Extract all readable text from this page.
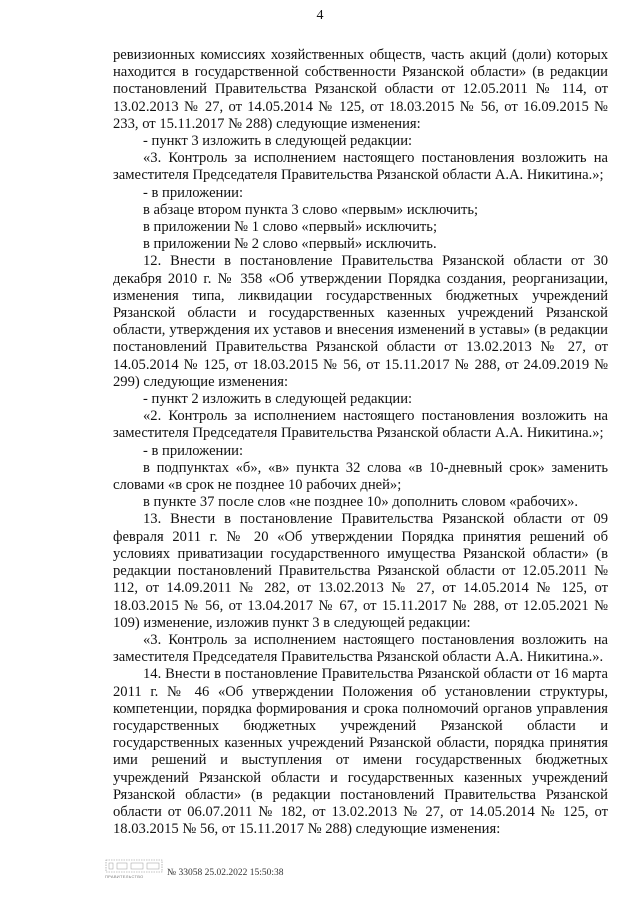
4

ревизионных комиссиях хозяйственных обществ, часть акций (доли) которых находится в государственной собственности Рязанской области» (в редакции постановлений Правительства Рязанской области от 12.05.2011 № 114, от 13.02.2013 № 27, от 14.05.2014 № 125, от 18.03.2015 № 56, от 16.09.2015 № 233, от 15.11.2017 № 288) следующие изменения:

- пункт 3 изложить в следующей редакции:

«3. Контроль за исполнением настоящего постановления возложить на заместителя Председателя Правительства Рязанской области А.А. Никитина.»;

- в приложении:

в абзаце втором пункта 3 слово «первым» исключить;

в приложении № 1 слово «первый» исключить;

в приложении № 2 слово «первый» исключить.

12. Внести в постановление Правительства Рязанской области от 30 декабря 2010 г. № 358 «Об утверждении Порядка создания, реорганизации, изменения типа, ликвидации государственных бюджетных учреждений Рязанской области и государственных казенных учреждений Рязанской области, утверждения их уставов и внесения изменений в уставы» (в редакции постановлений Правительства Рязанской области от 13.02.2013 № 27, от 14.05.2014 № 125, от 18.03.2015 № 56, от 15.11.2017 № 288, от 24.09.2019 № 299) следующие изменения:

- пункт 2 изложить в следующей редакции:

«2. Контроль за исполнением настоящего постановления возложить на заместителя Председателя Правительства Рязанской области А.А. Никитина.»;

- в приложении:

в подпунктах «б», «в» пункта 32 слова «в 10-дневный срок» заменить словами «в срок не позднее 10 рабочих дней»;

в пункте 37 после слов «не позднее 10» дополнить словом «рабочих».

13. Внести в постановление Правительства Рязанской области от 09 февраля 2011 г. № 20 «Об утверждении Порядка принятия решений об условиях приватизации государственного имущества Рязанской области» (в редакции постановлений Правительства Рязанской области от 12.05.2011 № 112, от 14.09.2011 № 282, от 13.02.2013 № 27, от 14.05.2014 № 125, от 18.03.2015 № 56, от 13.04.2017 № 67, от 15.11.2017 № 288, от 12.05.2021 № 109) изменение, изложив пункт 3 в следующей редакции:

«3. Контроль за исполнением настоящего постановления возложить на заместителя Председателя Правительства Рязанской области А.А. Никитина.».

14. Внести в постановление Правительства Рязанской области от 16 марта 2011 г. № 46 «Об утверждении Положения об установлении структуры, компетенции, порядка формирования и срока полномочий органов управления государственных бюджетных учреждений Рязанской области и государственных казенных учреждений Рязанской области, порядка принятия ими решений и выступления от имени государственных бюджетных учреждений Рязанской области и государственных казенных учреждений Рязанской области» (в редакции постановлений Правительства Рязанской области от 06.07.2011 № 182, от 13.02.2013 № 27, от 14.05.2014 № 125, от 18.03.2015 № 56, от 15.11.2017 № 288) следующие изменения:

ПРАВИТЕЛЬСТВО	№ 33058 25.02.2022 15:50:38
